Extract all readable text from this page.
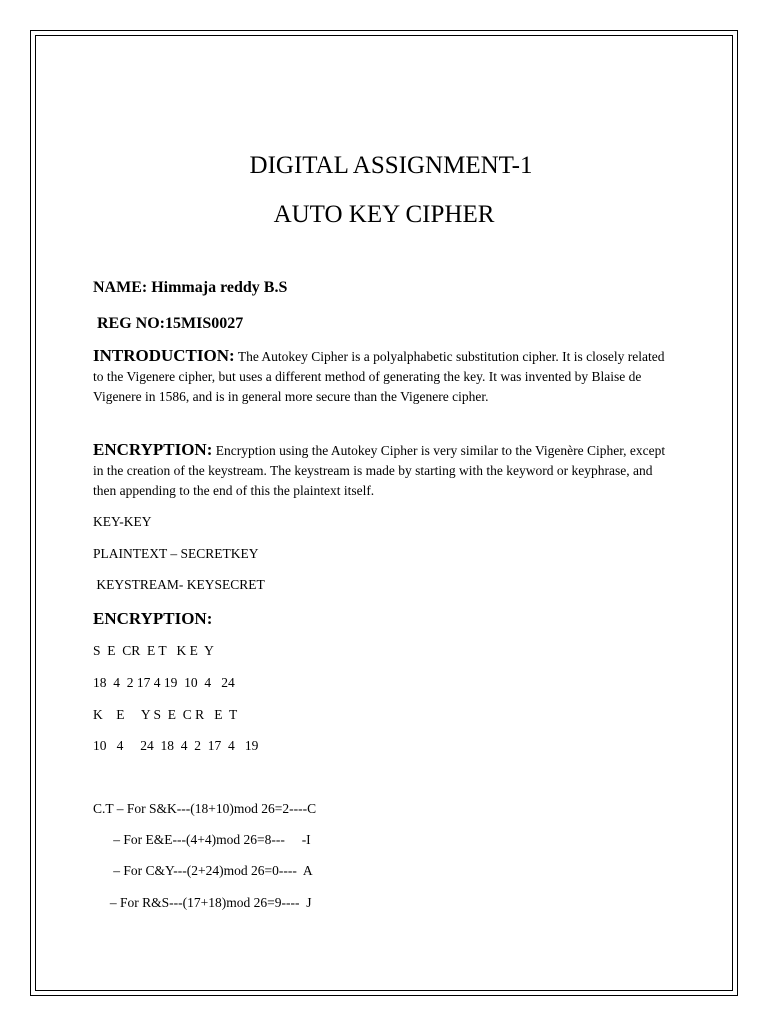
DIGITAL ASSIGNMENT-1
AUTO KEY CIPHER
NAME: Himmaja reddy B.S
REG NO:15MIS0027
INTRODUCTION: The Autokey Cipher is a polyalphabetic substitution cipher. It is closely related to the Vigenere cipher, but uses a different method of generating the key. It was invented by Blaise de Vigenere in 1586, and is in general more secure than the Vigenere cipher.
ENCRYPTION: Encryption using the Autokey Cipher is very similar to the Vigenère Cipher, except in the creation of the keystream. The keystream is made by starting with the keyword or keyphrase, and then appending to the end of this the plaintext itself.
KEY-KEY
PLAINTEXT – SECRETKEY
KEYSTREAM- KEYSECRET
ENCRYPTION:
S  E  CR  E T   K E  Y
18  4  2 17 4 19  10  4   24
K    E     Y S  E  C R   E  T
10   4     24  18  4  2  17  4   19
C.T – For S&K---(18+10)mod 26=2----C
– For E&E---(4+4)mod 26=8---     -I
– For C&Y---(2+24)mod 26=0----  A
– For R&S---(17+18)mod 26=9----  J
